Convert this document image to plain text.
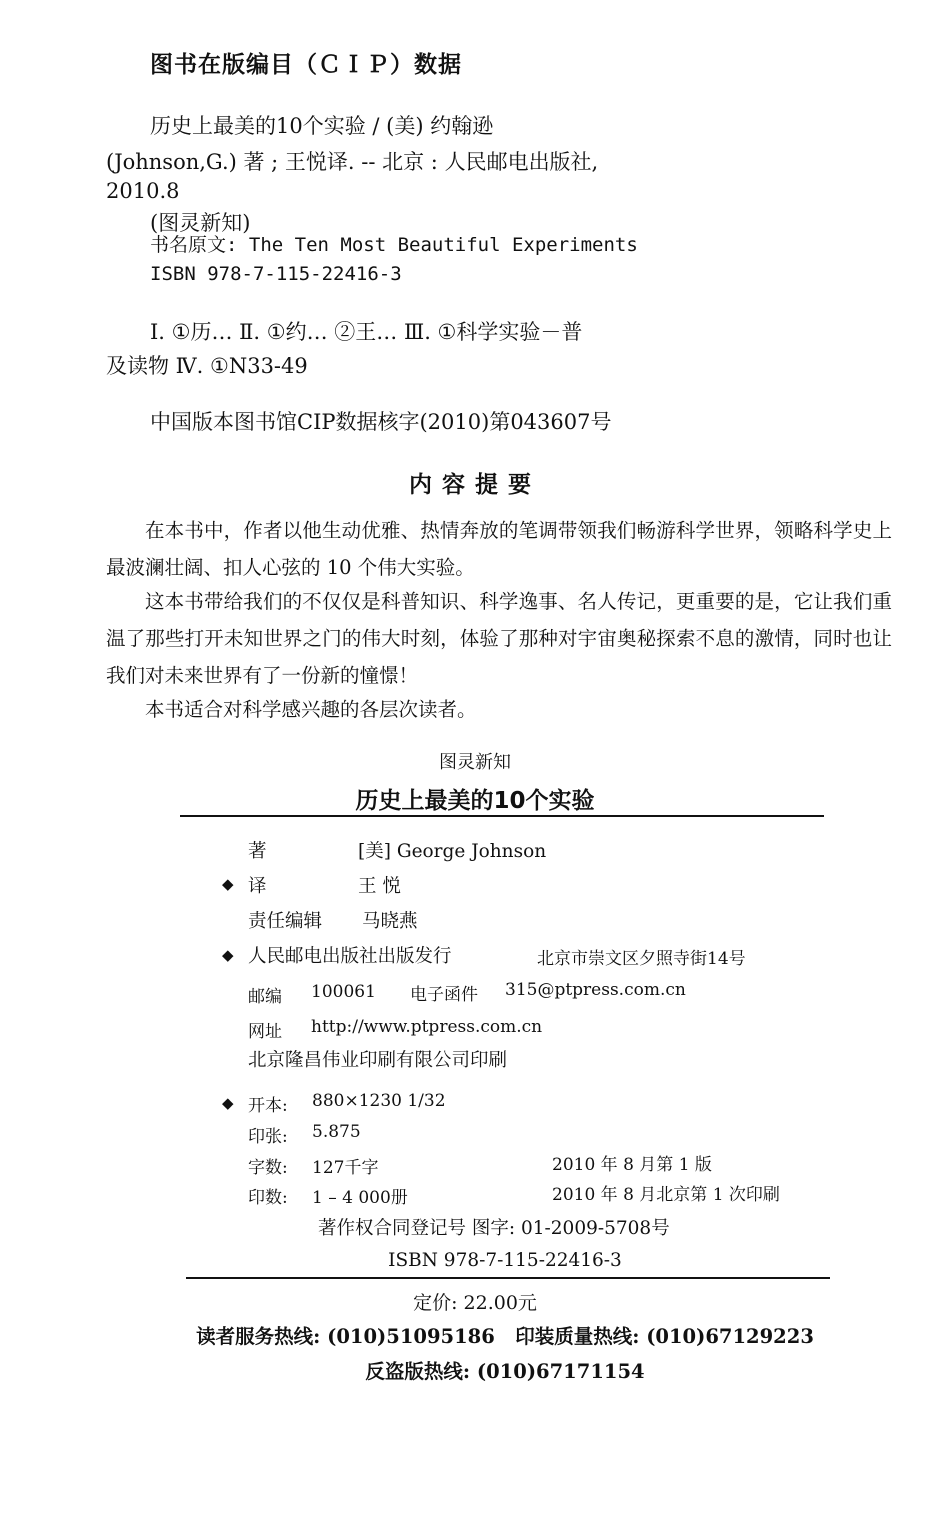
图书在版编目（ＣＩＰ）数据
历史上最美的10个实验 / (美) 约翰逊
(Johnson,G.) 著 ; 王悦译. -- 北京 : 人民邮电出版社,
2010.8
(图灵新知)
书名原文: The Ten Most Beautiful Experiments
ISBN 978-7-115-22416-3
Ⅰ. ①历… Ⅱ. ①约… ②王… Ⅲ. ①科学实验－普
及读物 Ⅳ. ①N33-49
中国版本图书馆CIP数据核字(2010)第043607号
内容提要

在本书中，作者以他生动优雅、热情奔放的笔调带领我们畅游科学世界，领略科学史上最波澜壮阔、扣人心弦的 10 个伟大实验。

这本书带给我们的不仅仅是科普知识、科学逸事、名人传记，更重要的是，它让我们重温了那些打开未知世界之门的伟大时刻，体验了那种对宇宙奥秘探索不息的激情，同时也让我们对未来世界有了一份新的憧憬！

本书适合对科学感兴趣的各层次读者。

图灵新知
历史上最美的10个实验
著	[美] George Johnson
◆ 译	王 悦
责任编辑 马晓燕
◆ 人民邮电出版社出版发行	北京市崇文区夕照寺街14号
邮编 100061 电子函件 315@ptpress.com.cn
网址 http://www.ptpress.com.cn
北京隆昌伟业印刷有限公司印刷
◆ 开本: 880×1230 1/32
印张: 5.875
字数: 127千字	2010 年 8 月第 1 版
印数: 1 – 4 000册	2010 年 8 月北京第 1 次印刷
著作权合同登记号 图字: 01-2009-5708号
ISBN 978-7-115-22416-3
定价: 22.00元
读者服务热线: (010)51095186 印装质量热线: (010)67129223
反盗版热线: (010)67171154
